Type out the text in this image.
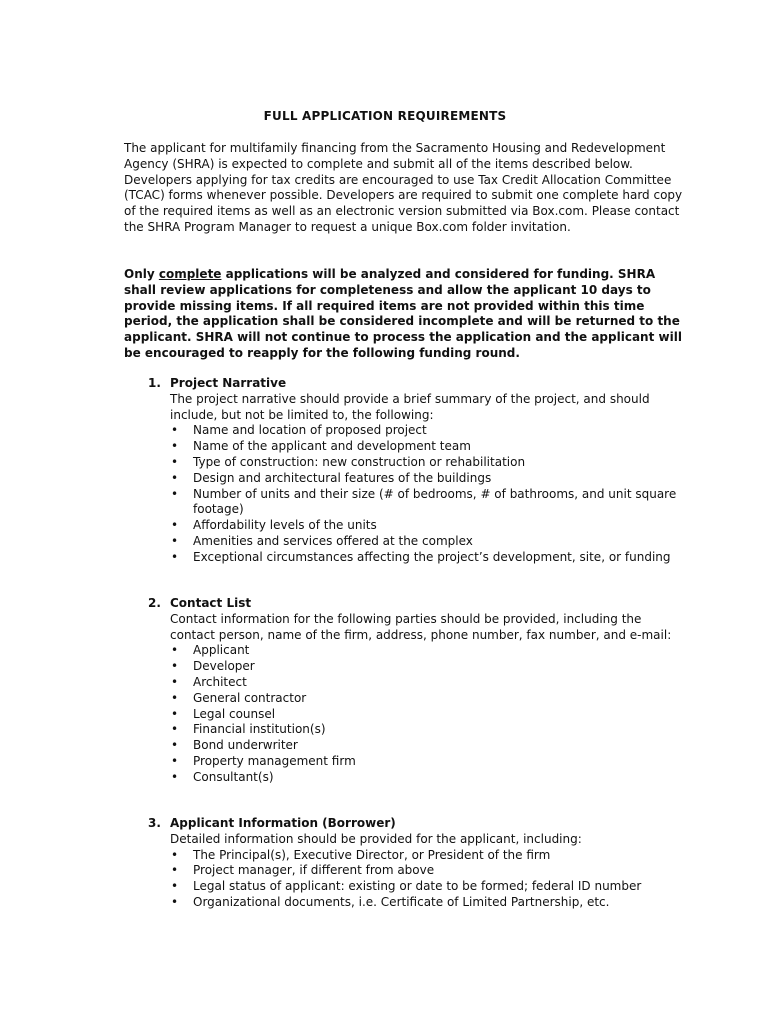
FULL APPLICATION REQUIREMENTS

The applicant for multifamily financing from the Sacramento Housing and Redevelopment Agency (SHRA) is expected to complete and submit all of the items described below. Developers applying for tax credits are encouraged to use Tax Credit Allocation Committee (TCAC) forms whenever possible. Developers are required to submit one complete hard copy of the required items as well as an electronic version submitted via Box.com. Please contact the SHRA Program Manager to request a unique Box.com folder invitation.

Only complete applications will be analyzed and considered for funding. SHRA shall review applications for completeness and allow the applicant 10 days to provide missing items. If all required items are not provided within this time period, the application shall be considered incomplete and will be returned to the applicant. SHRA will not continue to process the application and the applicant will be encouraged to reapply for the following funding round.

1. Project Narrative

The project narrative should provide a brief summary of the project, and should include, but not be limited to, the following:

• Name and location of proposed project
• Name of the applicant and development team
• Type of construction: new construction or rehabilitation
• Design and architectural features of the buildings
• Number of units and their size (# of bedrooms, # of bathrooms, and unit square footage)
• Affordability levels of the units
• Amenities and services offered at the complex
• Exceptional circumstances affecting the project’s development, site, or funding
2. Contact List

Contact information for the following parties should be provided, including the contact person, name of the firm, address, phone number, fax number, and e-mail:

• Applicant
• Developer
• Architect
• General contractor
• Legal counsel
• Financial institution(s)
• Bond underwriter
• Property management firm
• Consultant(s)
3. Applicant Information (Borrower)

Detailed information should be provided for the applicant, including:

• The Principal(s), Executive Director, or President of the firm
• Project manager, if different from above
• Legal status of applicant: existing or date to be formed; federal ID number
• Organizational documents, i.e. Certificate of Limited Partnership, etc.
